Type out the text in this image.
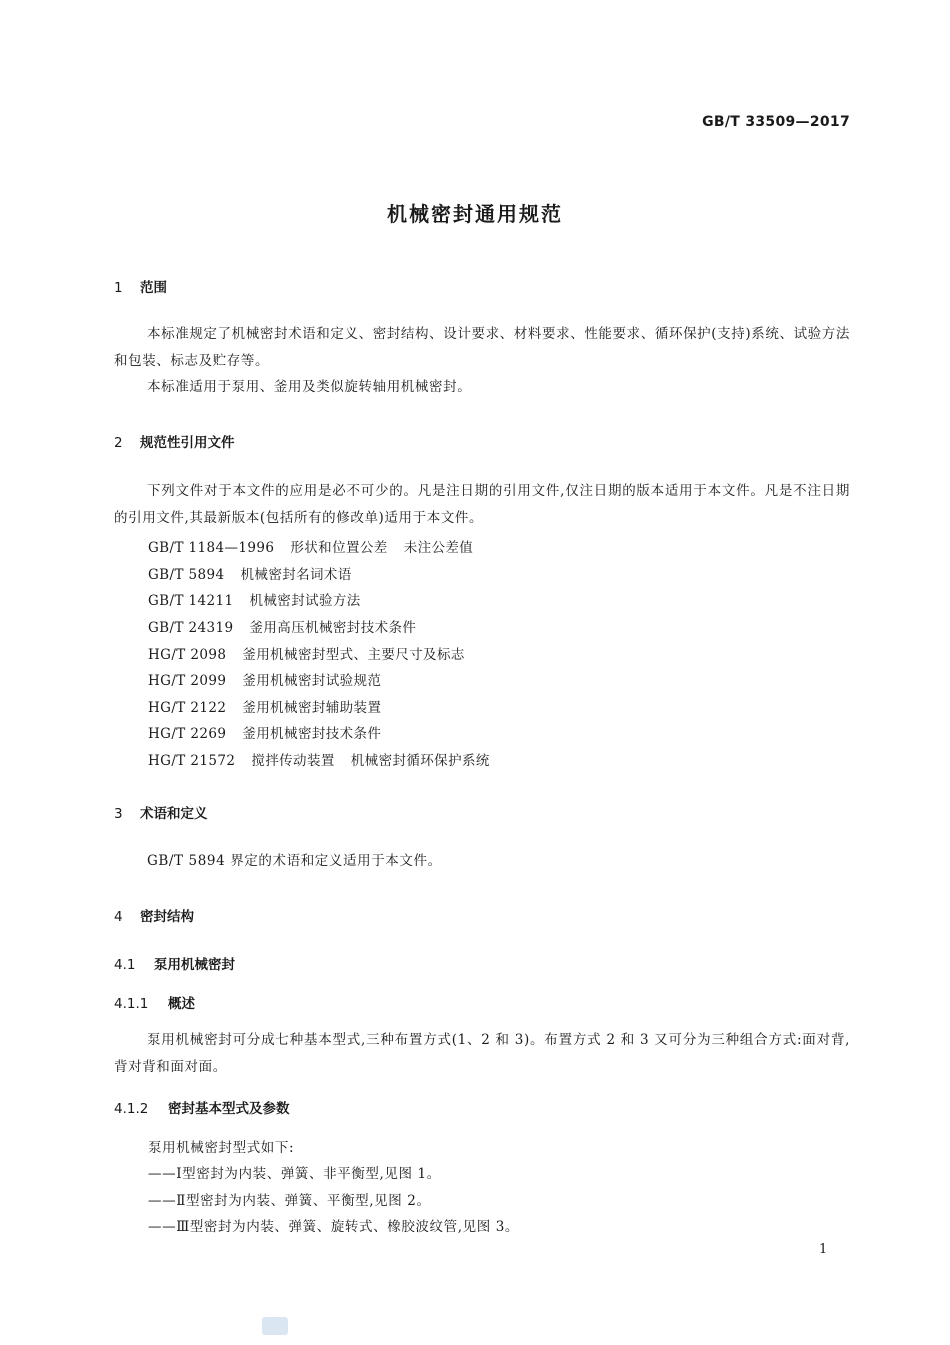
GB/T 33509—2017
机械密封通用规范
1 范围
本标准规定了机械密封术语和定义、密封结构、设计要求、材料要求、性能要求、循环保护(支持)系统、试验方法和包装、标志及贮存等。
本标准适用于泵用、釜用及类似旋转轴用机械密封。
2 规范性引用文件
下列文件对于本文件的应用是必不可少的。凡是注日期的引用文件,仅注日期的版本适用于本文件。凡是不注日期的引用文件,其最新版本(包括所有的修改单)适用于本文件。
GB/T 1184—1996 形状和位置公差 未注公差值
GB/T 5894 机械密封名词术语
GB/T 14211 机械密封试验方法
GB/T 24319 釜用高压机械密封技术条件
HG/T 2098 釜用机械密封型式、主要尺寸及标志
HG/T 2099 釜用机械密封试验规范
HG/T 2122 釜用机械密封辅助装置
HG/T 2269 釜用机械密封技术条件
HG/T 21572 搅拌传动装置 机械密封循环保护系统
3 术语和定义
GB/T 5894 界定的术语和定义适用于本文件。
4 密封结构
4.1 泵用机械密封
4.1.1 概述
泵用机械密封可分成七种基本型式,三种布置方式(1、2 和 3)。布置方式 2 和 3 又可分为三种组合方式:面对背,背对背和面对面。
4.1.2 密封基本型式及参数
泵用机械密封型式如下:
——Ⅰ型密封为内装、弹簧、非平衡型,见图 1。
——Ⅱ型密封为内装、弹簧、平衡型,见图 2。
——Ⅲ型密封为内装、弹簧、旋转式、橡胶波纹管,见图 3。
1
